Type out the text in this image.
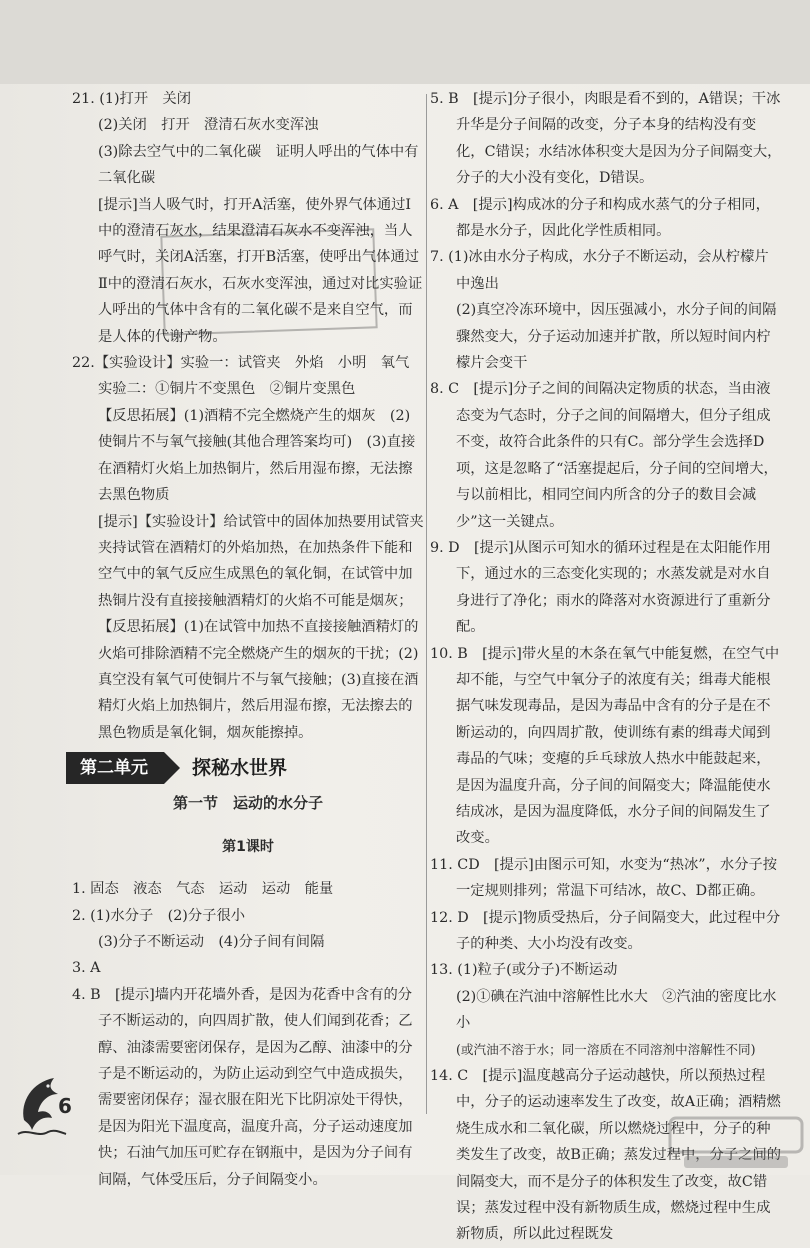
21. (1)打开　关闭

(2)关闭　打开　澄清石灰水变浑浊

(3)除去空气中的二氧化碳　证明人呼出的气体中有二氧化碳

[提示]当人吸气时，打开A活塞，使外界气体通过Ⅰ中的澄清石灰水，结果澄清石灰水不变浑浊，当人呼气时，关闭A活塞，打开B活塞，使呼出气体通过Ⅱ中的澄清石灰水，石灰水变浑浊，通过对比实验证人呼出的气体中含有的二氧化碳不是来自空气，而是人体的代谢产物。

22.【实验设计】实验一：试管夹　外焰　小明　氧气

实验二：①铜片不变黑色　②铜片变黑色

【反思拓展】(1)酒精不完全燃烧产生的烟灰　(2)使铜片不与氧气接触(其他合理答案均可)　(3)直接在酒精灯火焰上加热铜片，然后用湿布擦，无法擦去黑色物质

[提示]【实验设计】给试管中的固体加热要用试管夹夹持试管在酒精灯的外焰加热，在加热条件下能和空气中的氧气反应生成黑色的氧化铜，在试管中加热铜片没有直接接触酒精灯的火焰不可能是烟灰；【反思拓展】(1)在试管中加热不直接接触酒精灯的火焰可排除酒精不完全燃烧产生的烟灰的干扰；(2)真空没有氧气可使铜片不与氧气接触；(3)直接在酒精灯火焰上加热铜片，然后用湿布擦，无法擦去的黑色物质是氧化铜，烟灰能擦掉。

第二单元	探秘水世界

第一节　运动的水分子

第1课时

1. 固态　液态　气态　运动　运动　能量

2. (1)水分子　(2)分子很小

(3)分子不断运动　(4)分子间有间隔

3. A

4. B　[提示]墙内开花墙外香，是因为花香中含有的分子不断运动的，向四周扩散，使人们闻到花香；乙醇、油漆需要密闭保存，是因为乙醇、油漆中的分子是不断运动的，为防止运动到空气中造成损失，需要密闭保存；湿衣服在阳光下比阴凉处干得快，是因为阳光下温度高，温度升高，分子运动速度加快；石油气加压可贮存在钢瓶中，是因为分子间有间隔，气体受压后，分子间隔变小。

5. B　[提示]分子很小，肉眼是看不到的，A错误；干冰升华是分子间隔的改变，分子本身的结构没有变化，C错误；水结冰体积变大是因为分子间隔变大，分子的大小没有变化，D错误。

6. A　[提示]构成冰的分子和构成水蒸气的分子相同，都是水分子，因此化学性质相同。

7. (1)冰由水分子构成，水分子不断运动，会从柠檬片中逸出

(2)真空冷冻环境中，因压强减小，水分子间的间隔骤然变大，分子运动加速并扩散，所以短时间内柠檬片会变干

8. C　[提示]分子之间的间隔决定物质的状态，当由液态变为气态时，分子之间的间隔增大，但分子组成不变，故符合此条件的只有C。部分学生会选择D项，这是忽略了“活塞提起后，分子间的空间增大，与以前相比，相同空间内所含的分子的数目会减少”这一关键点。

9. D　[提示]从图示可知水的循环过程是在太阳能作用下，通过水的三态变化实现的；水蒸发就是对水自身进行了净化；雨水的降落对水资源进行了重新分配。

10. B　[提示]带火星的木条在氧气中能复燃，在空气中却不能，与空气中氧分子的浓度有关；缉毒犬能根据气味发现毒品，是因为毒品中含有的分子是在不断运动的，向四周扩散，使训练有素的缉毒犬闻到毒品的气味；变瘪的乒乓球放人热水中能鼓起来，是因为温度升高，分子间的间隔变大；降温能使水结成冰，是因为温度降低，水分子间的间隔发生了改变。

11. CD　[提示]由图示可知，水变为“热冰”，水分子按一定规则排列；常温下可结冰，故C、D都正确。

12. D　[提示]物质受热后，分子间隔变大，此过程中分子的种类、大小均没有改变。

13. (1)粒子(或分子)不断运动

(2)①碘在汽油中溶解性比水大　②汽油的密度比水小

(或汽油不溶于水；同一溶质在不同溶剂中溶解性不同)

14. C　[提示]温度越高分子运动越快，所以预热过程中，分子的运动速率发生了改变，故A正确；酒精燃烧生成水和二氧化碳，所以燃烧过程中，分子的种类发生了改变，故B正确；蒸发过程中，分子之间的间隔变大，而不是分子的体积发生了改变，故C错误；蒸发过程中没有新物质生成，燃烧过程中生成新物质，所以此过程既发

6
